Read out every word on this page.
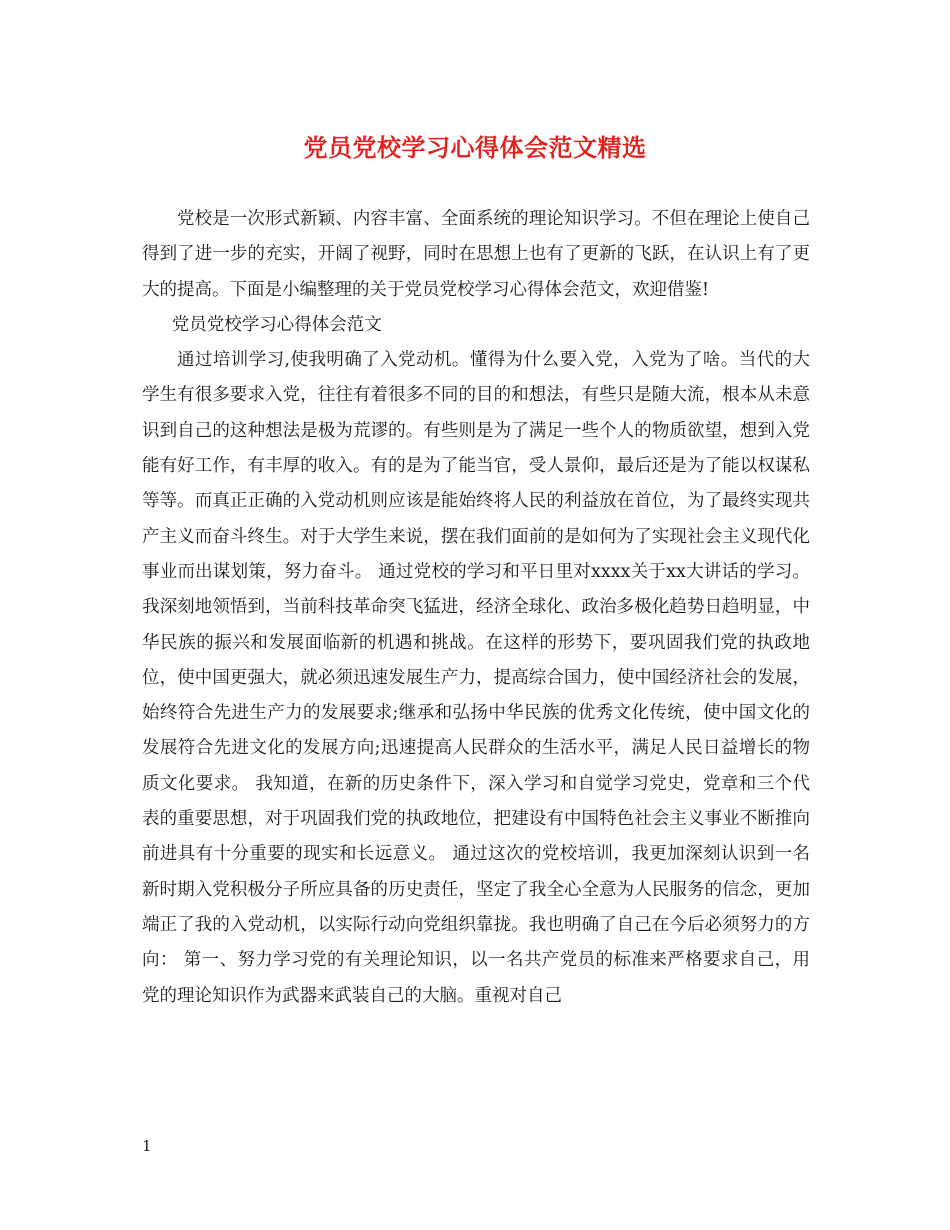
党员党校学习心得体会范文精选

党校是一次形式新颖、内容丰富、全面系统的理论知识学习。不但在理论上使自己得到了进一步的充实，开阔了视野，同时在思想上也有了更新的飞跃，在认识上有了更大的提高。下面是小编整理的关于党员党校学习心得体会范文，欢迎借鉴!

党员党校学习心得体会范文

通过培训学习,使我明确了入党动机。懂得为什么要入党，入党为了啥。当代的大学生有很多要求入党，往往有着很多不同的目的和想法，有些只是随大流，根本从未意识到自己的这种想法是极为荒谬的。有些则是为了满足一些个人的物质欲望，想到入党能有好工作，有丰厚的收入。有的是为了能当官，受人景仰，最后还是为了能以权谋私等等。而真正正确的入党动机则应该是能始终将人民的利益放在首位，为了最终实现共产主义而奋斗终生。对于大学生来说，摆在我们面前的是如何为了实现社会主义现代化事业而出谋划策，努力奋斗。 通过党校的学习和平日里对xxxx关于xx大讲话的学习。我深刻地领悟到，当前科技革命突飞猛进，经济全球化、政治多极化趋势日趋明显，中华民族的振兴和发展面临新的机遇和挑战。在这样的形势下，要巩固我们党的执政地位，使中国更强大，就必须迅速发展生产力，提高综合国力，使中国经济社会的发展，始终符合先进生产力的发展要求;继承和弘扬中华民族的优秀文化传统，使中国文化的发展符合先进文化的发展方向;迅速提高人民群众的生活水平，满足人民日益增长的物质文化要求。 我知道，在新的历史条件下，深入学习和自觉学习党史，党章和三个代表的重要思想，对于巩固我们党的执政地位，把建设有中国特色社会主义事业不断推向前进具有十分重要的现实和长远意义。 通过这次的党校培训，我更加深刻认识到一名新时期入党积极分子所应具备的历史责任，坚定了我全心全意为人民服务的信念，更加端正了我的入党动机，以实际行动向党组织靠拢。我也明确了自己在今后必须努力的方向： 第一、努力学习党的有关理论知识，以一名共产党员的标准来严格要求自己，用党的理论知识作为武器来武装自己的大脑。重视对自己

1
